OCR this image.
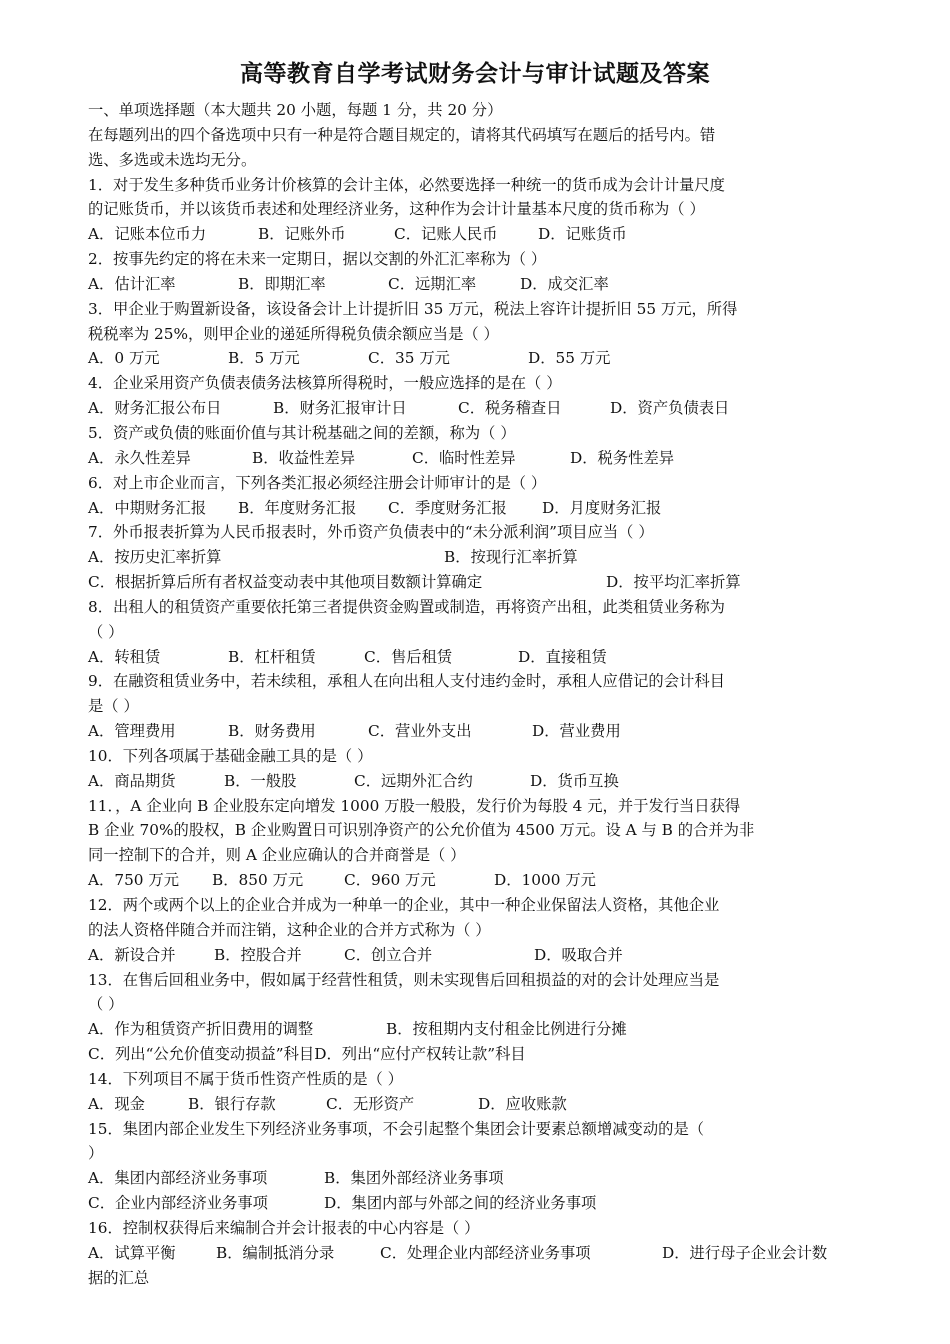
高等教育自学考试财务会计与审计试题及答案
一、单项选择题（本大题共 20 小题，每题 1 分，共 20 分）
在每题列出的四个备选项中只有一种是符合题目规定的，请将其代码填写在题后的括号内。错
选、多选或未选均无分。
1．对于发生多种货币业务计价核算的会计主体，必然要选择一种统一的货币成为会计计量尺度
的记账货币，并以该货币表述和处理经济业务，这种作为会计计量基本尺度的货币称为（ ）
A．记账本位币力	B．记账外币	C．记账人民币	D．记账货币
2．按事先约定的将在未来一定期日，据以交割的外汇汇率称为（ ）
A．估计汇率	B．即期汇率	C．远期汇率	D．成交汇率
3．甲企业于购置新设备，该设备会计上计提折旧 35 万元，税法上容许计提折旧 55 万元，所得
税税率为 25%，则甲企业的递延所得税负债余额应当是（ ）
A．0 万元	B．5 万元	C．35 万元	D．55 万元
4．企业采用资产负债表债务法核算所得税时，一般应选择的是在（ ）
A．财务汇报公布日	B．财务汇报审计日	C．税务稽查日	D．资产负债表日
5．资产或负债的账面价值与其计税基础之间的差额，称为（ ）
A．永久性差异	B．收益性差异	C．临时性差异	D．税务性差异
6．对上市企业而言，下列各类汇报必须经注册会计师审计的是（ ）
A．中期财务汇报 B．年度财务汇报 C．季度财务汇报 D．月度财务汇报
7．外币报表折算为人民币报表时，外币资产负债表中的“未分派利润”项目应当（ ）
A．按历史汇率折算	B．按现行汇率折算
C．根据折算后所有者权益变动表中其他项目数额计算确定	D．按平均汇率折算
8．出租人的租赁资产重要依托第三者提供资金购置或制造，再将资产出租，此类租赁业务称为
（ ）
A．转租赁	B．杠杆租赁	C．售后租赁	D．直接租赁
9．在融资租赁业务中，若未续租，承租人在向出租人支付违约金时，承租人应借记的会计科目
是（ ）
A．管理费用	B．财务费用	C．营业外支出	D．营业费用
10．下列各项属于基础金融工具的是（ ）
A．商品期货	B．一般股	C．远期外汇合约	D．货币互换
11．，A 企业向 B 企业股东定向增发 1000 万股一般股，发行价为每股 4 元，并于发行当日获得
B 企业 70%的股权，B 企业购置日可识别净资产的公允价值为 4500 万元。设 A 与 B 的合并为非
同一控制下的合并，则 A 企业应确认的合并商誉是（ ）
A．750 万元 B．850 万元	C．960 万元	D．1000 万元
12．两个或两个以上的企业合并成为一种单一的企业，其中一种企业保留法人资格，其他企业
的法人资格伴随合并而注销，这种企业的合并方式称为（ ）
A．新设合并	B．控股合并	C．创立合并	D．吸取合并
13．在售后回租业务中，假如属于经营性租赁，则未实现售后回租损益的对的会计处理应当是
（ ）
A．作为租赁资产折旧费用的调整	B．按租期内支付租金比例进行分摊
C．列出“公允价值变动损益”科目D．列出“应付产权转让款”科目
14．下列项目不属于货币性资产性质的是（ ）
A．现金	B．银行存款	C．无形资产	D．应收账款
15．集团内部企业发生下列经济业务事项，不会引起整个集团会计要素总额增减变动的是（
）
A．集团内部经济业务事项	B．集团外部经济业务事项
C．企业内部经济业务事项	D．集团内部与外部之间的经济业务事项
16．控制权获得后来编制合并会计报表的中心内容是（ ）
A．试算平衡	B．编制抵消分录	C．处理企业内部经济业务事项	D．进行母子企业会计数
据的汇总
